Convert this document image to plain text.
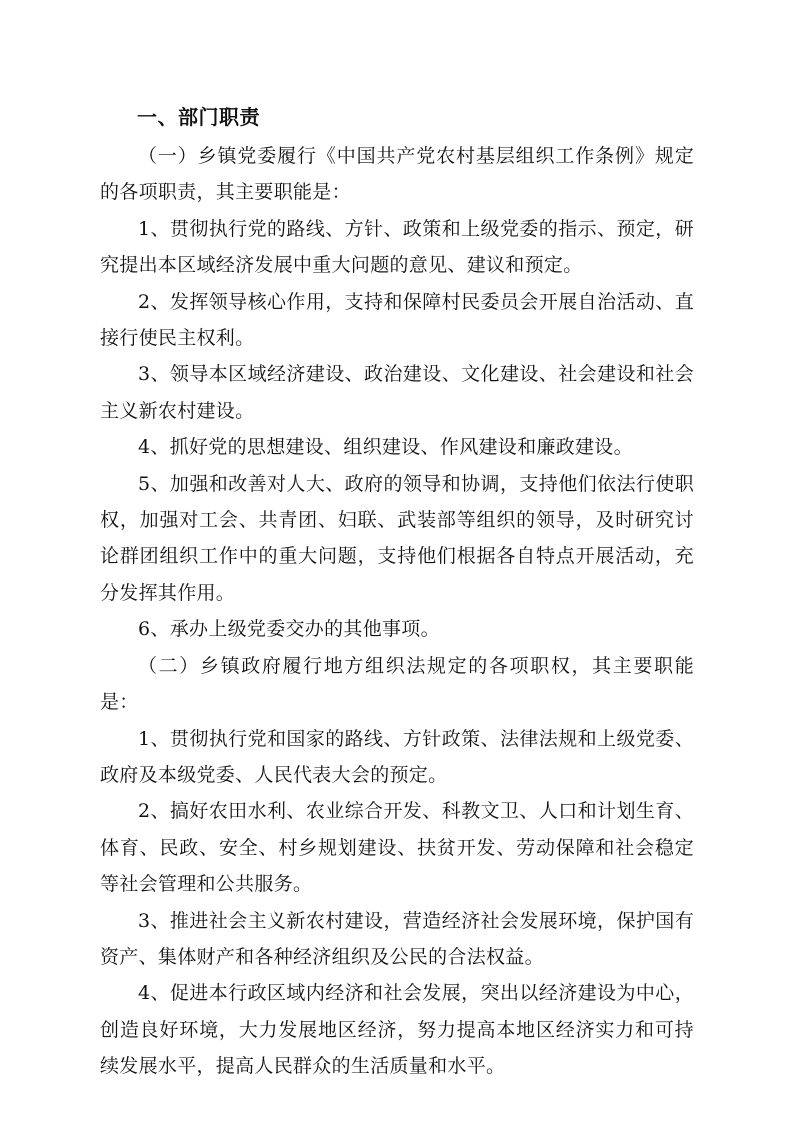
一、部门职责

（一）乡镇党委履行《中国共产党农村基层组织工作条例》规定的各项职责，其主要职能是：

1、贯彻执行党的路线、方针、政策和上级党委的指示、预定，研究提出本区域经济发展中重大问题的意见、建议和预定。

2、发挥领导核心作用，支持和保障村民委员会开展自治活动、直接行使民主权利。

3、领导本区域经济建设、政治建设、文化建设、社会建设和社会主义新农村建设。

4、抓好党的思想建设、组织建设、作风建设和廉政建设。

5、加强和改善对人大、政府的领导和协调，支持他们依法行使职权，加强对工会、共青团、妇联、武装部等组织的领导，及时研究讨论群团组织工作中的重大问题，支持他们根据各自特点开展活动，充分发挥其作用。

6、承办上级党委交办的其他事项。

（二）乡镇政府履行地方组织法规定的各项职权，其主要职能是：

1、贯彻执行党和国家的路线、方针政策、法律法规和上级党委、政府及本级党委、人民代表大会的预定。

2、搞好农田水利、农业综合开发、科教文卫、人口和计划生育、体育、民政、安全、村乡规划建设、扶贫开发、劳动保障和社会稳定等社会管理和公共服务。

3、推进社会主义新农村建设，营造经济社会发展环境，保护国有资产、集体财产和各种经济组织及公民的合法权益。

4、促进本行政区域内经济和社会发展，突出以经济建设为中心，创造良好环境，大力发展地区经济，努力提高本地区经济实力和可持续发展水平，提高人民群众的生活质量和水平。
